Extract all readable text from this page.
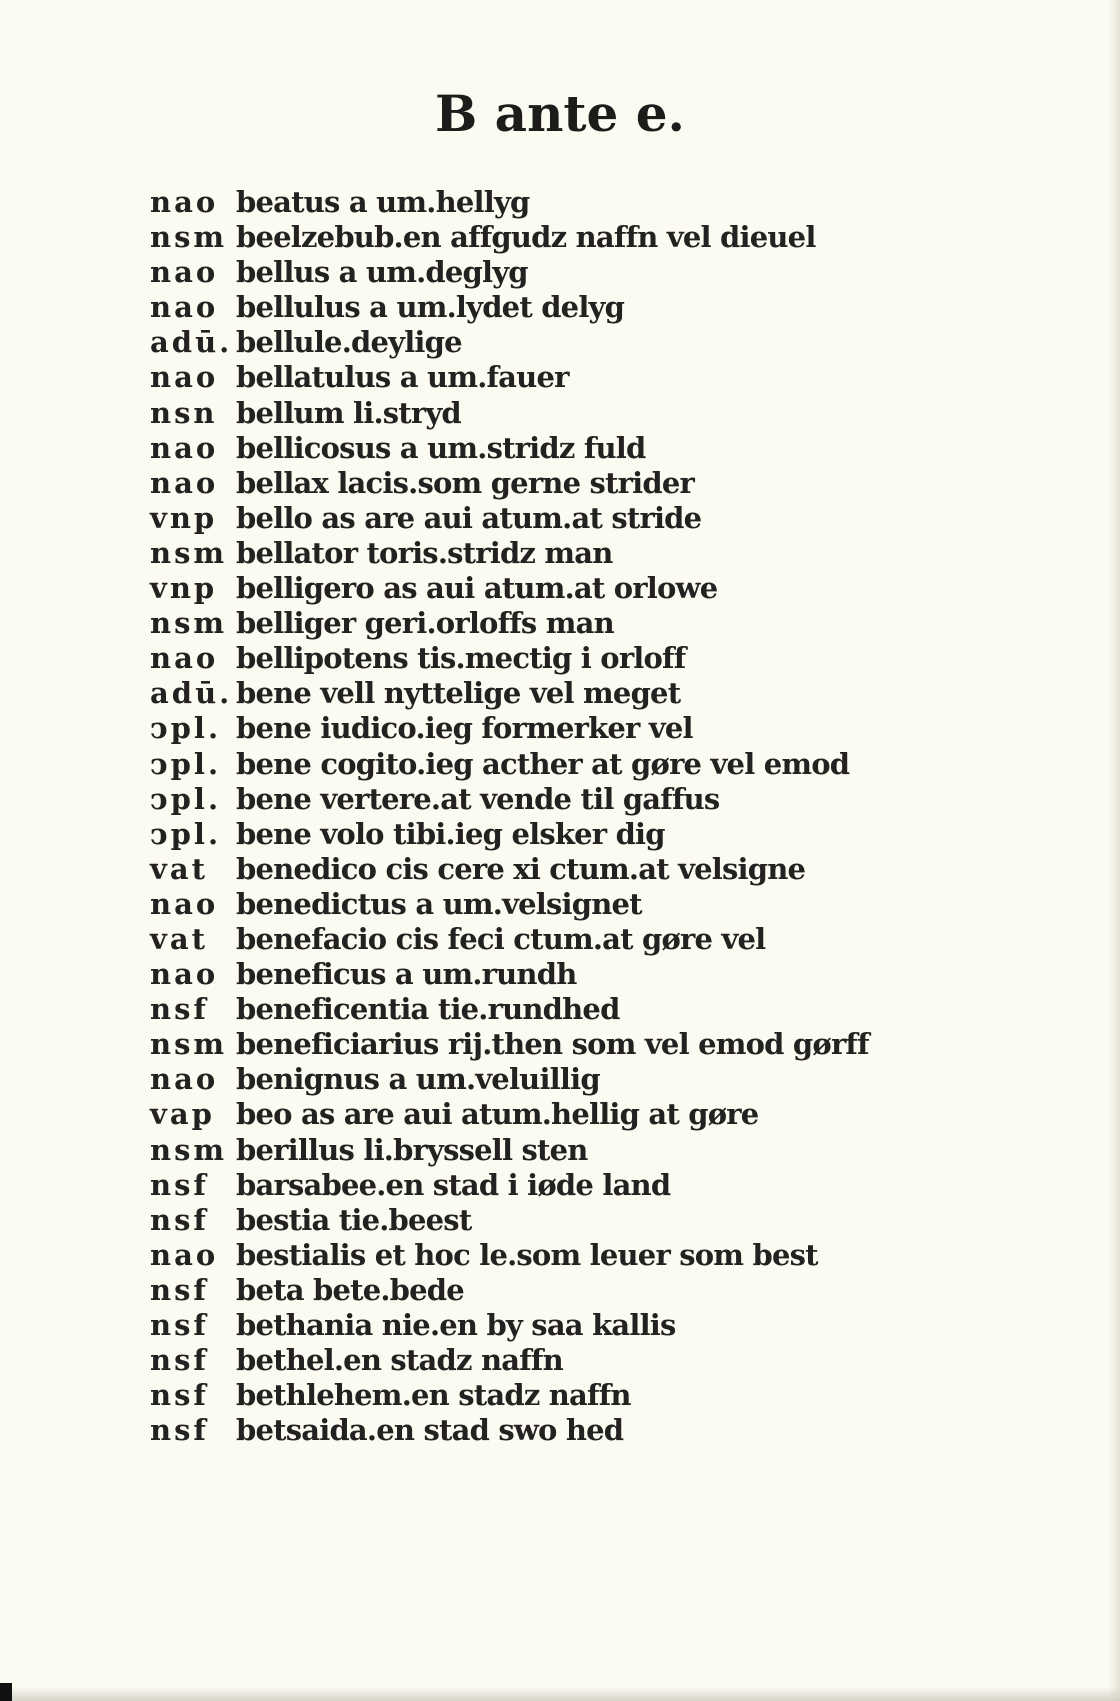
B ante e.
nao beatus a um.hellyg
nsm beelzebub.en affgudz naffn vel dieuel
nao bellus a um.deglyg
nao bellulus a um.lydet delyg
adū. bellule.deylige
nao bellatulus a um.fauer
nsn bellum li.stryd
nao bellicosus a um.stridz fuld
nao bellax lacis.som gerne strider
vnp bello as are aui atum.at stride
nsm bellator toris.stridz man
vnp belligero as aui atum.at orlowe
nsm belliger geri.orloffs man
nao bellipotens tis.mectig i orloff
adū. bene vell nyttelige vel meget
ↄpl. bene iudico.ieg formerker vel
ↄpl. bene cogito.ieg acther at gøre vel emod
ↄpl. bene vertere.at vende til gaffus
ↄpl. bene volo tibi.ieg elsker dig
vat benedico cis cere xi ctum.at velsigne
nao benedictus a um.velsignet
vat benefacio cis feci ctum.at gøre vel
nao beneficus a um.rundh
nsf beneficentia tie.rundhed
nsm beneficiarius rij.then som vel emod gørff
nao benignus a um.veluillig
vap beo as are aui atum.hellig at gøre
nsm berillus li.bryssell sten
nsf barsabee.en stad i iøde land
nsf bestia tie.beest
nao bestialis et hoc le.som leuer som best
nsf beta bete.bede
nsf bethania nie.en by saa kallis
nsf bethel.en stadz naffn
nsf bethlehem.en stadz naffn
nsf betsaida.en stad swo hed
